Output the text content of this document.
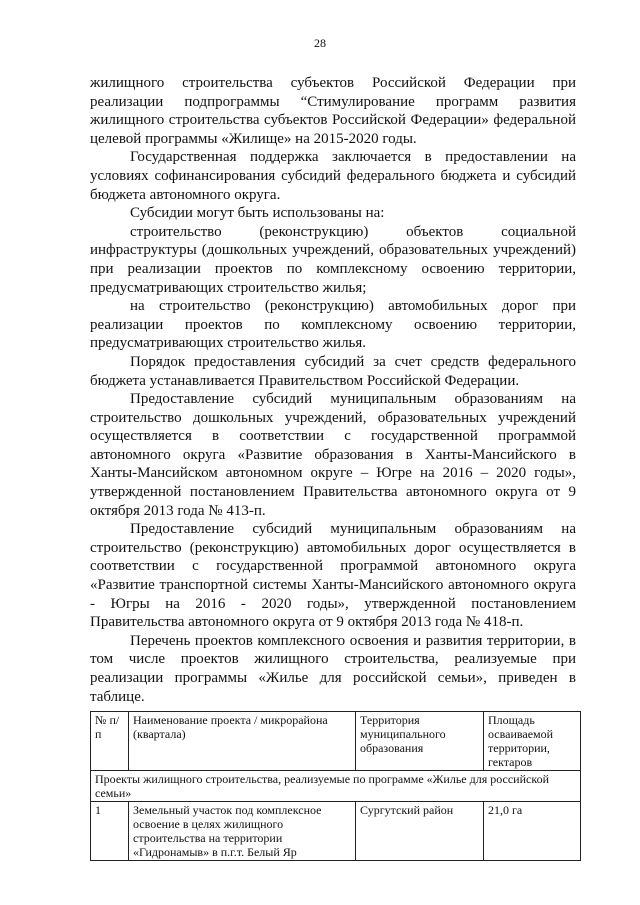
28

жилищного строительства субъектов Российской Федерации при реализации подпрограммы “Стимулирование программ развития жилищного строительства субъектов Российской Федерации» федеральной целевой программы «Жилище» на 2015-2020 годы.

Государственная поддержка заключается в предоставлении на условиях софинансирования субсидий федерального бюджета и субсидий бюджета автономного округа.

Субсидии могут быть использованы на:

строительство (реконструкцию) объектов социальной инфраструктуры (дошкольных учреждений, образовательных учреждений) при реализации проектов по комплексному освоению территории, предусматривающих строительство жилья;

на строительство (реконструкцию) автомобильных дорог при реализации проектов по комплексному освоению территории, предусматривающих строительство жилья.

Порядок предоставления субсидий за счет средств федерального бюджета устанавливается Правительством Российской Федерации.

Предоставление субсидий муниципальным образованиям на строительство дошкольных учреждений, образовательных учреждений осуществляется в соответствии с государственной программой автономного округа «Развитие образования в Ханты-Мансийского в Ханты-Мансийском автономном округе – Югре на 2016 – 2020 годы», утвержденной постановлением Правительства автономного округа от 9 октября 2013 года № 413-п.

Предоставление субсидий муниципальным образованиям на строительство (реконструкцию) автомобильных дорог осуществляется в соответствии с государственной программой автономного округа «Развитие транспортной системы Ханты-Мансийского автономного округа - Югры на 2016 - 2020 годы», утвержденной постановлением Правительства автономного округа от 9 октября 2013 года № 418-п.

Перечень проектов комплексного освоения и развития территории, в том числе проектов жилищного строительства, реализуемые при реализации программы «Жилье для российской семьи», приведен в таблице.

№ п/п	Наименование проекта / микрорайона (квартала)	Территория муниципального образования	Площадь осваиваемой территории, гектаров
Проекты жилищного строительства, реализуемые по программе «Жилье для российской семьи»			
1	Земельный участок под комплексное освоение в целях жилищного строительства на территории «Гидронамыв» в п.г.т. Белый Яр	Сургутский район	21,0 га
